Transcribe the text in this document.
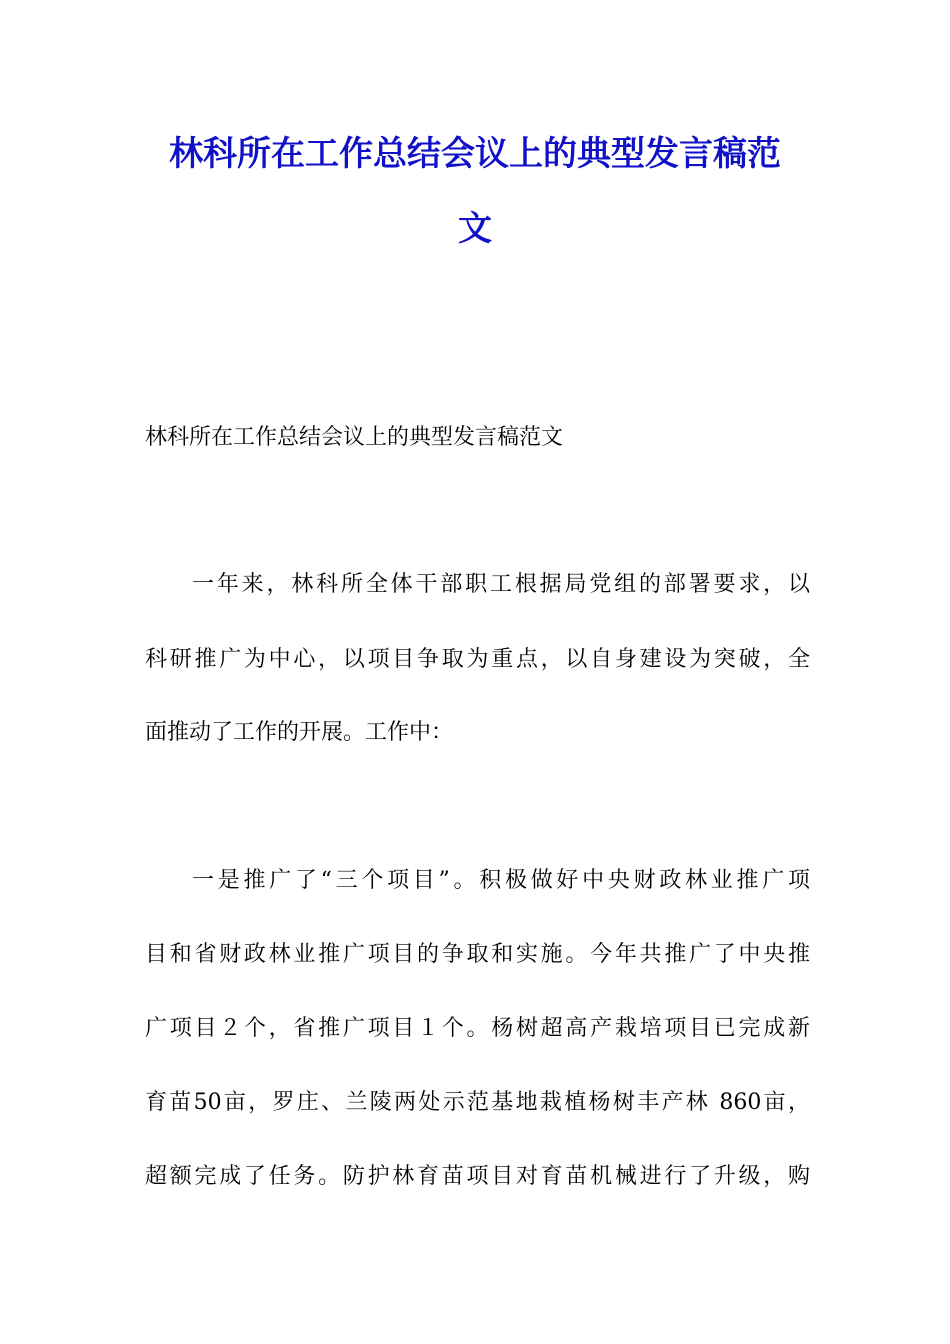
林科所在工作总结会议上的典型发言稿范
文
林科所在工作总结会议上的典型发言稿范文
一年来，林科所全体干部职工根据局党组的部署要求，以
科研推广为中心，以项目争取为重点，以自身建设为突破，全
面推动了工作的开展。工作中：
一是推广了“三个项目”。积极做好中央财政林业推广项
目和省财政林业推广项目的争取和实施。今年共推广了中央推
广项目２个，省推广项目１个。杨树超高产栽培项目已完成新
育苗50亩，罗庄、兰陵两处示范基地栽植杨树丰产林 860亩，
超额完成了任务。防护林育苗项目对育苗机械进行了升级，购
